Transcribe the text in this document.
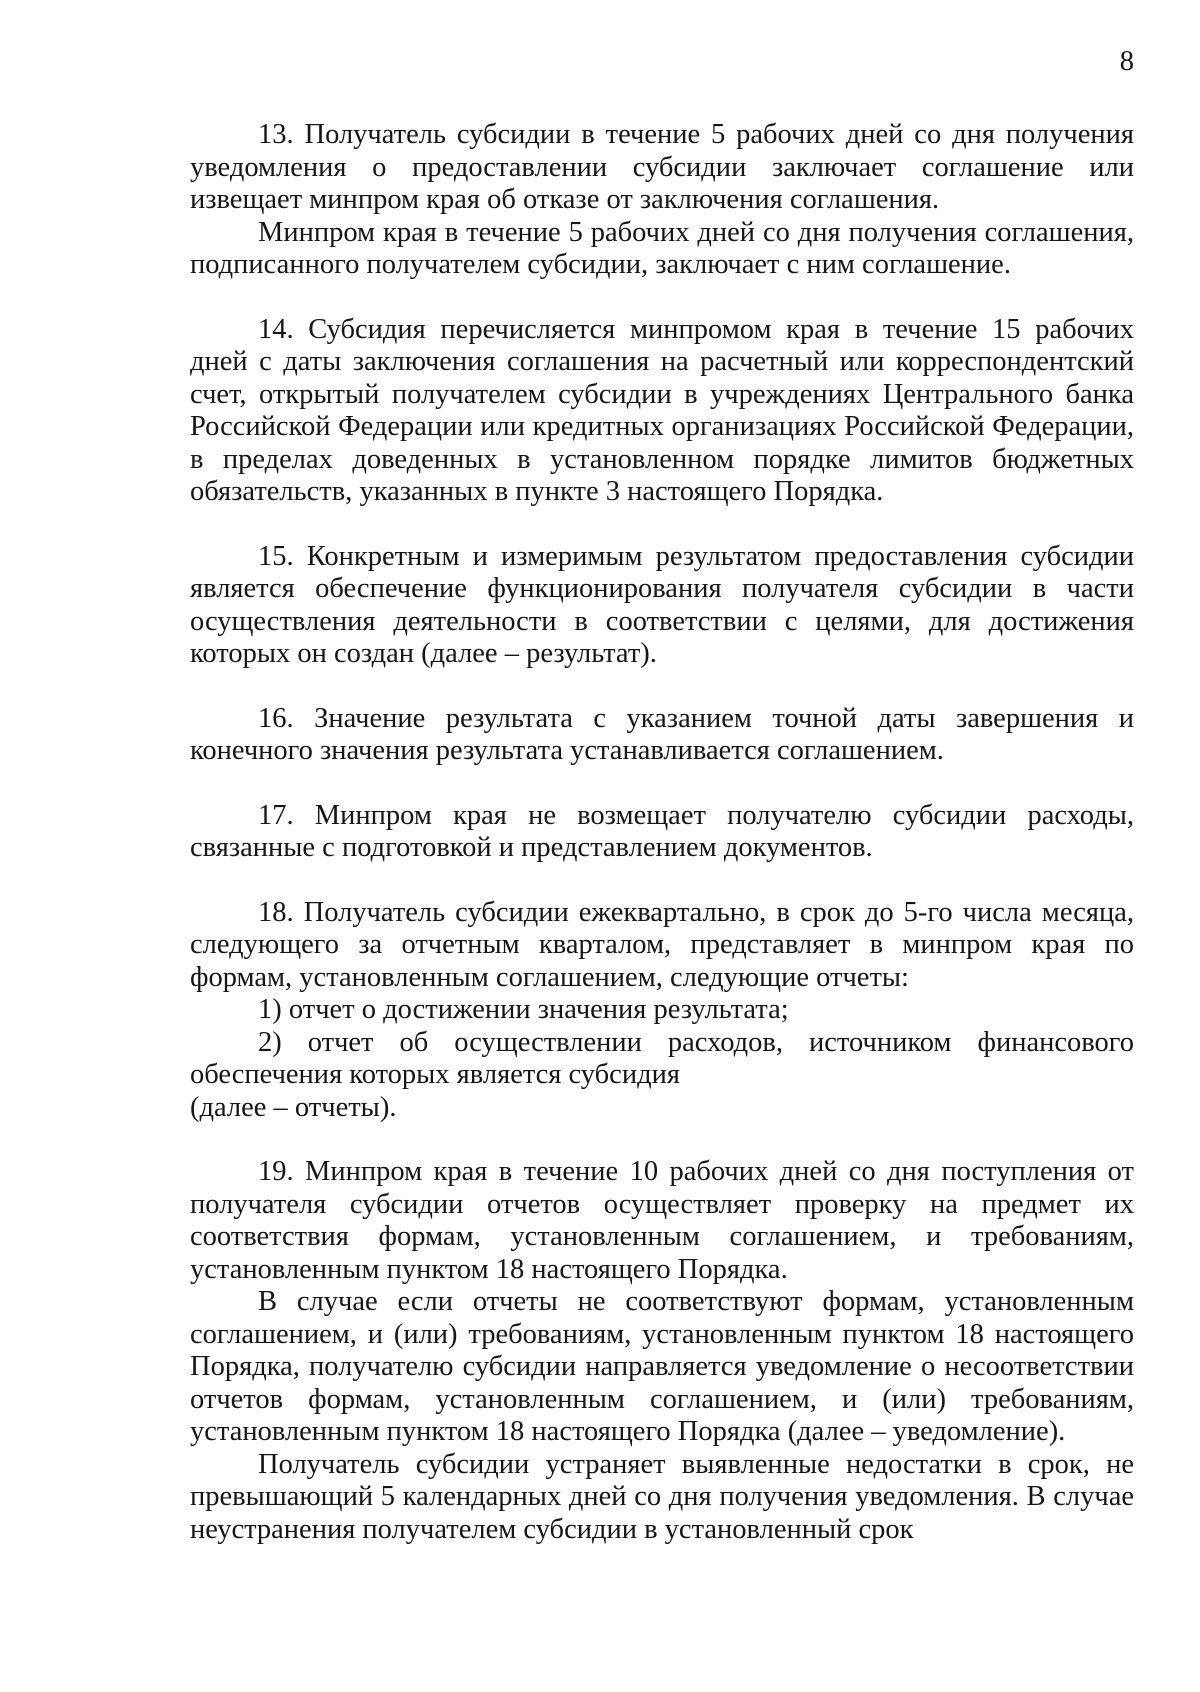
8

13. Получатель субсидии в течение 5 рабочих дней со дня получения уведомления о предоставлении субсидии заключает соглашение или извещает минпром края об отказе от заключения соглашения.

Минпром края в течение 5 рабочих дней со дня получения соглашения, подписанного получателем субсидии, заключает с ним соглашение.

14. Субсидия перечисляется минпромом края в течение 15 рабочих дней с даты заключения соглашения на расчетный или корреспондентский счет, открытый получателем субсидии в учреждениях Центрального банка Российской Федерации или кредитных организациях Российской Федерации, в пределах доведенных в установленном порядке лимитов бюджетных обязательств, указанных в пункте 3 настоящего Порядка.

15. Конкретным и измеримым результатом предоставления субсидии является обеспечение функционирования получателя субсидии в части осуществления деятельности в соответствии с целями, для достижения которых он создан (далее – результат).

16. Значение результата с указанием точной даты завершения и конечного значения результата устанавливается соглашением.

17. Минпром края не возмещает получателю субсидии расходы, связанные с подготовкой и представлением документов.

18. Получатель субсидии ежеквартально, в срок до 5-го числа месяца, следующего за отчетным кварталом, представляет в минпром края по формам, установленным соглашением, следующие отчеты:

1) отчет о достижении значения результата;

2) отчет об осуществлении расходов, источником финансового обеспечения которых является субсидия

(далее – отчеты).

19. Минпром края в течение 10 рабочих дней со дня поступления от получателя субсидии отчетов осуществляет проверку на предмет их соответствия формам, установленным соглашением, и требованиям, установленным пунктом 18 настоящего Порядка.

В случае если отчеты не соответствуют формам, установленным соглашением, и (или) требованиям, установленным пунктом 18 настоящего Порядка, получателю субсидии направляется уведомление о несоответствии отчетов формам, установленным соглашением, и (или) требованиям, установленным пунктом 18 настоящего Порядка (далее – уведомление).

Получатель субсидии устраняет выявленные недостатки в срок, не превышающий 5 календарных дней со дня получения уведомления. В случае неустранения получателем субсидии в установленный срок
